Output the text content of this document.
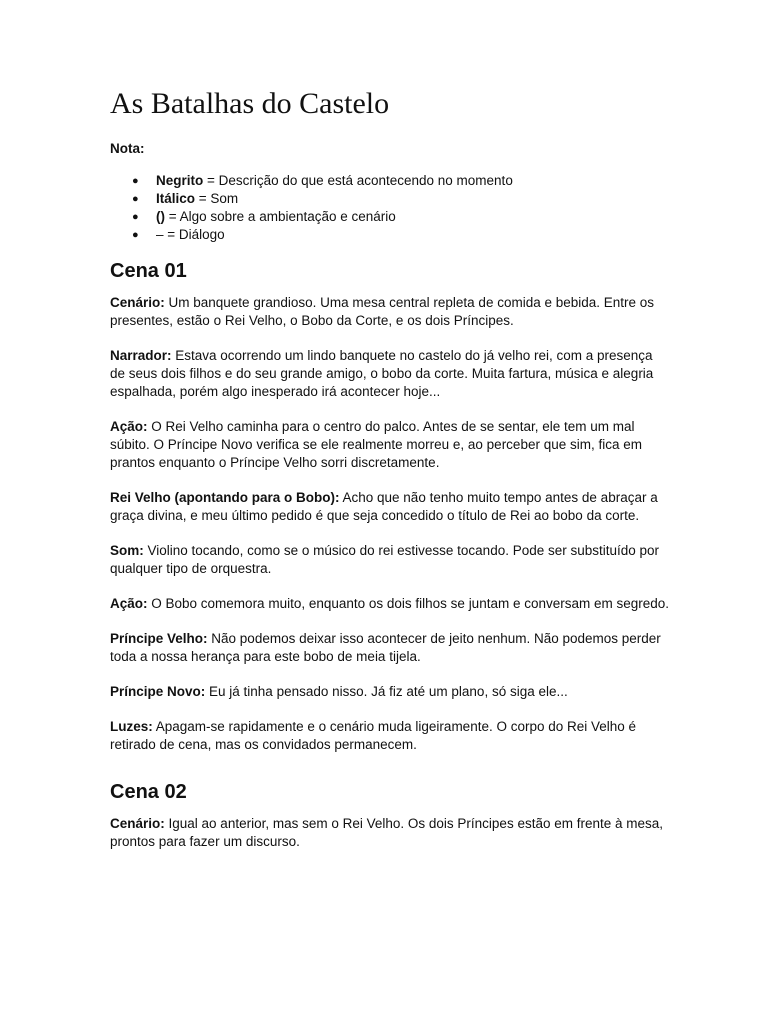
As Batalhas do Castelo
Nota:
● Negrito = Descrição do que está acontecendo no momento
● Itálico = Som
● () = Algo sobre a ambientação e cenário
● – = Diálogo
Cena 01

Cenário: Um banquete grandioso. Uma mesa central repleta de comida e bebida. Entre os presentes, estão o Rei Velho, o Bobo da Corte, e os dois Príncipes.

Narrador: Estava ocorrendo um lindo banquete no castelo do já velho rei, com a presença de seus dois filhos e do seu grande amigo, o bobo da corte. Muita fartura, música e alegria espalhada, porém algo inesperado irá acontecer hoje...

Ação: O Rei Velho caminha para o centro do palco. Antes de se sentar, ele tem um mal súbito. O Príncipe Novo verifica se ele realmente morreu e, ao perceber que sim, fica em prantos enquanto o Príncipe Velho sorri discretamente.

Rei Velho (apontando para o Bobo): Acho que não tenho muito tempo antes de abraçar a graça divina, e meu último pedido é que seja concedido o título de Rei ao bobo da corte.

Som: Violino tocando, como se o músico do rei estivesse tocando. Pode ser substituído por qualquer tipo de orquestra.

Ação: O Bobo comemora muito, enquanto os dois filhos se juntam e conversam em segredo.

Príncipe Velho: Não podemos deixar isso acontecer de jeito nenhum. Não podemos perder toda a nossa herança para este bobo de meia tijela.

Príncipe Novo: Eu já tinha pensado nisso. Já fiz até um plano, só siga ele...

Luzes: Apagam-se rapidamente e o cenário muda ligeiramente. O corpo do Rei Velho é retirado de cena, mas os convidados permanecem.

Cena 02

Cenário: Igual ao anterior, mas sem o Rei Velho. Os dois Príncipes estão em frente à mesa, prontos para fazer um discurso.
